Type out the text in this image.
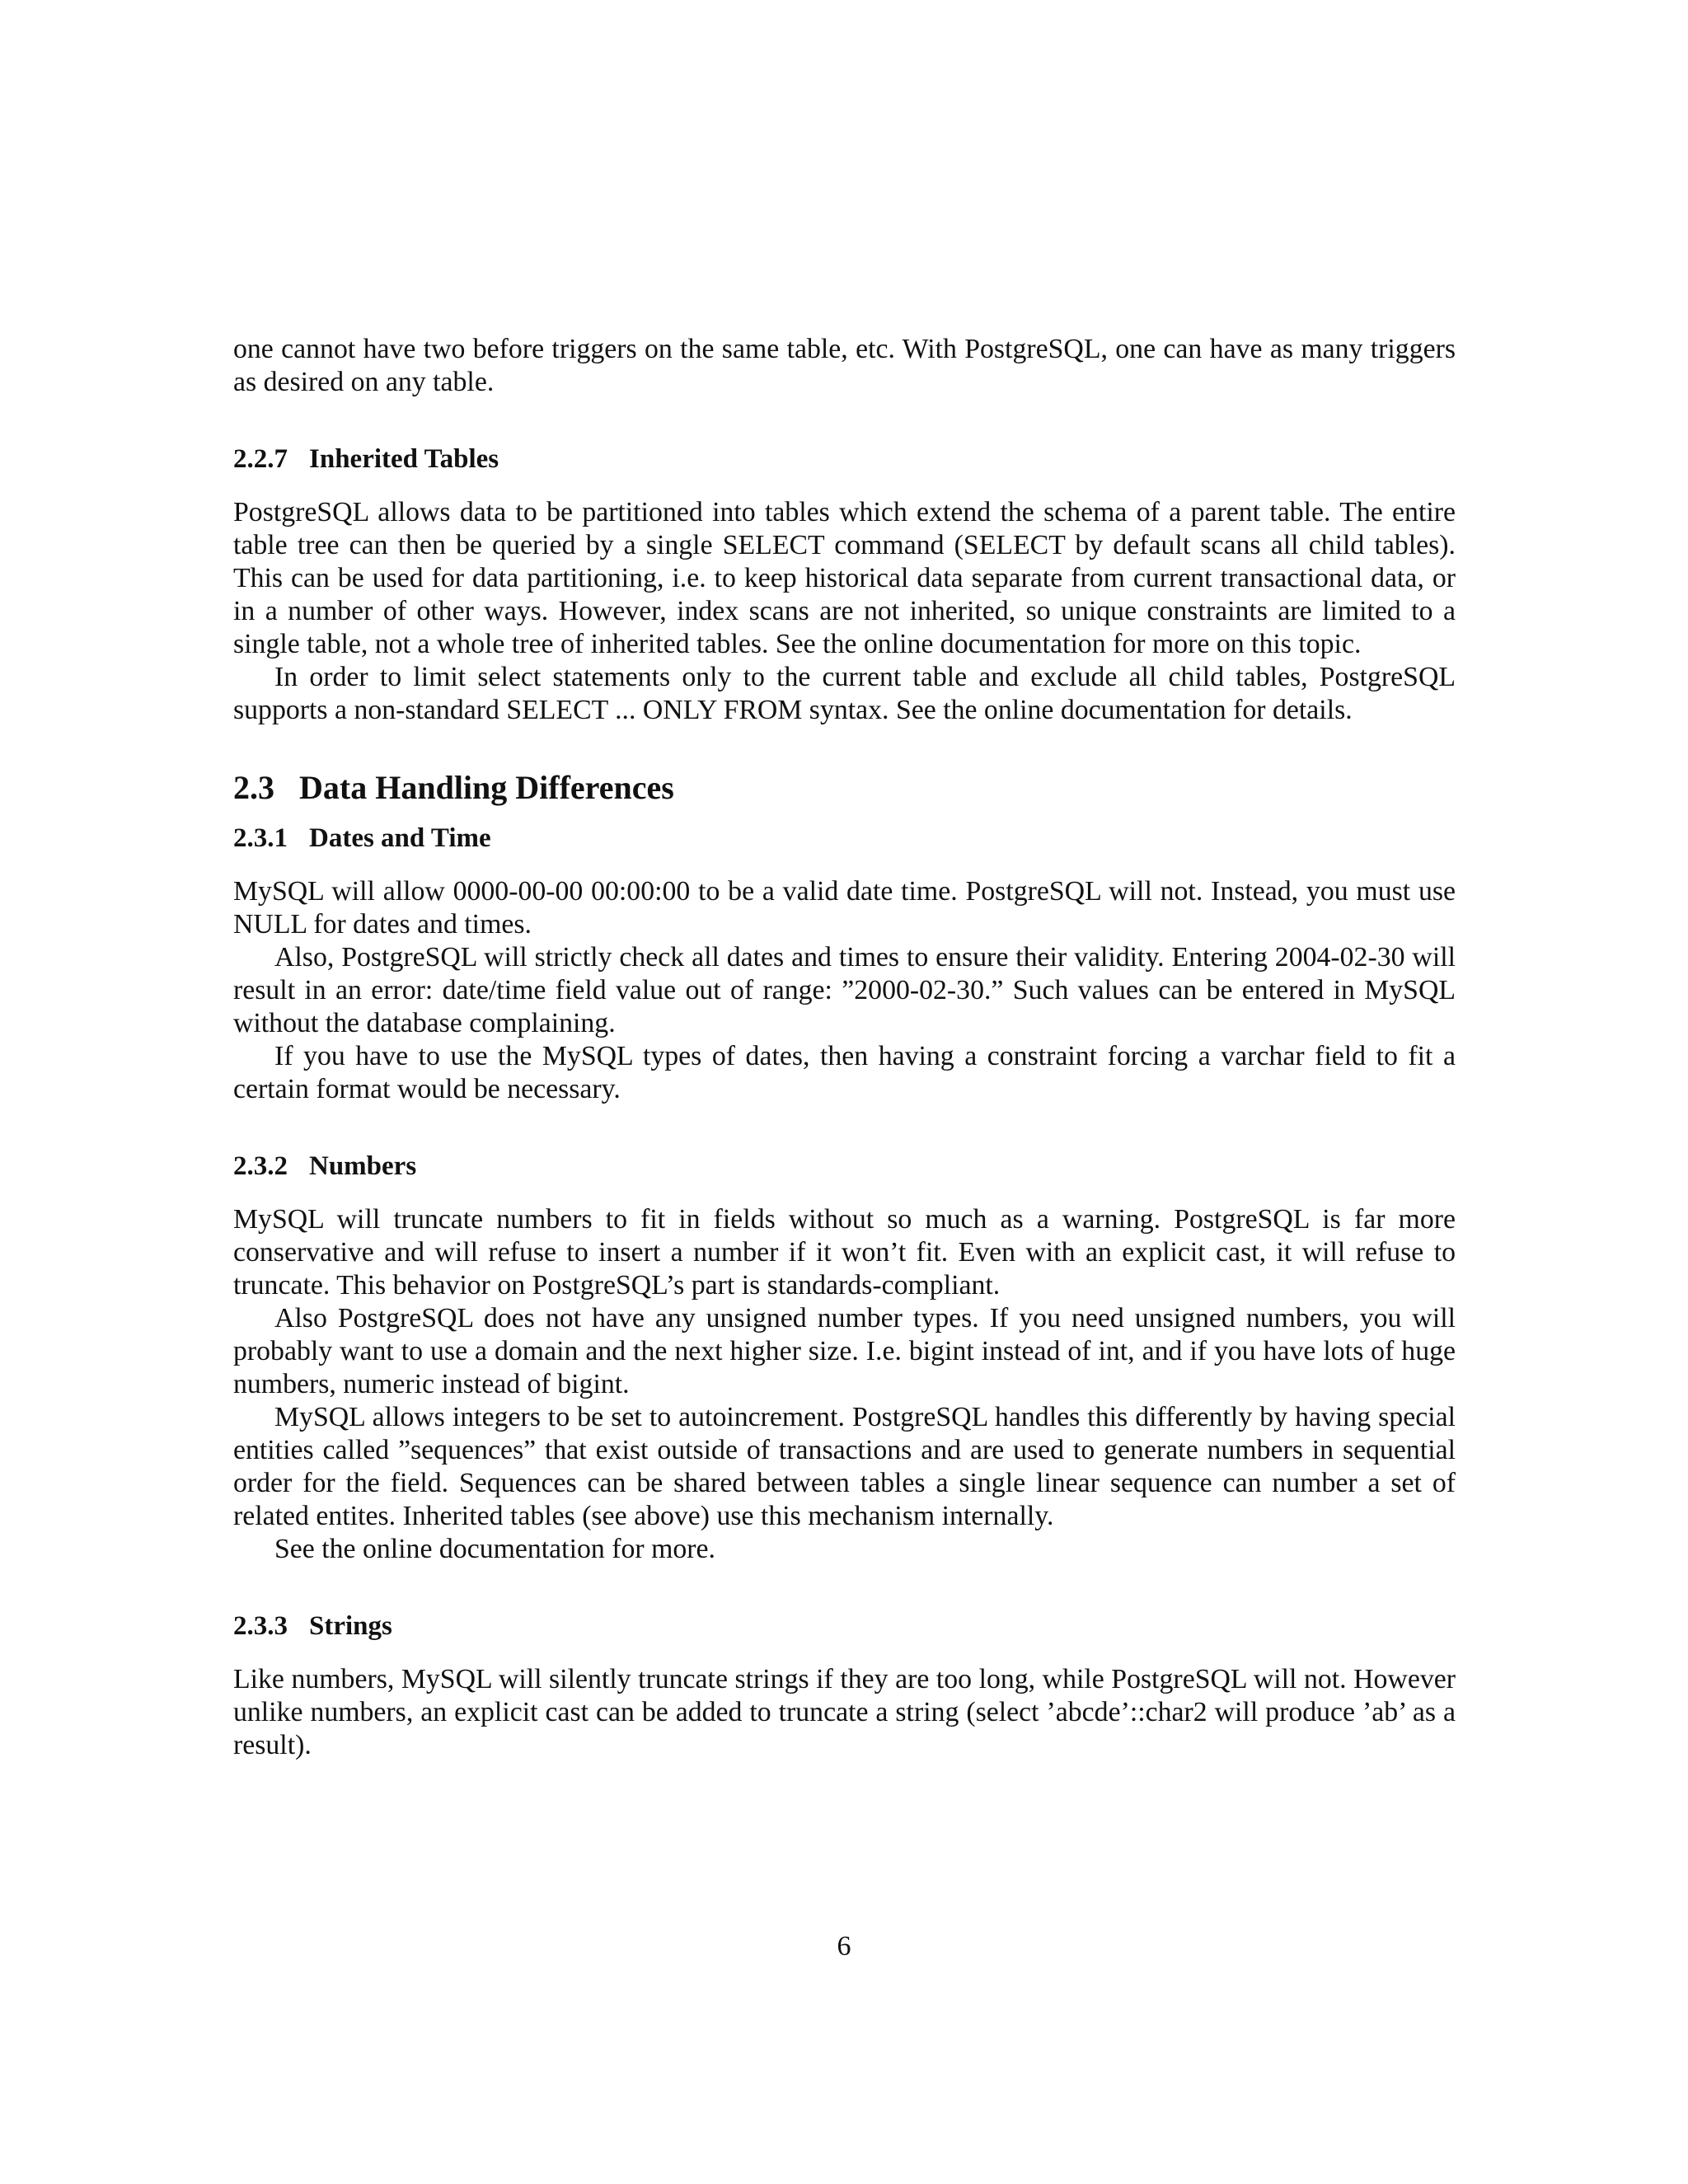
one cannot have two before triggers on the same table, etc. With PostgreSQL, one can have as many triggers as desired on any table.

2.2.7 Inherited Tables

PostgreSQL allows data to be partitioned into tables which extend the schema of a parent table. The entire table tree can then be queried by a single SELECT command (SELECT by default scans all child tables). This can be used for data partitioning, i.e. to keep historical data separate from current transactional data, or in a number of other ways. However, index scans are not inherited, so unique constraints are limited to a single table, not a whole tree of inherited tables. See the online documentation for more on this topic.

In order to limit select statements only to the current table and exclude all child tables, PostgreSQL supports a non-standard SELECT ... ONLY FROM syntax. See the online documentation for details.

2.3 Data Handling Differences
2.3.1 Dates and Time

MySQL will allow 0000-00-00 00:00:00 to be a valid date time. PostgreSQL will not. Instead, you must use NULL for dates and times.

Also, PostgreSQL will strictly check all dates and times to ensure their validity. Entering 2004-02-30 will result in an error: date/time field value out of range: ”2000-02-30.” Such values can be entered in MySQL without the database complaining.

If you have to use the MySQL types of dates, then having a constraint forcing a varchar field to fit a certain format would be necessary.

2.3.2 Numbers

MySQL will truncate numbers to fit in fields without so much as a warning. PostgreSQL is far more conservative and will refuse to insert a number if it won’t fit. Even with an explicit cast, it will refuse to truncate. This behavior on PostgreSQL’s part is standards-compliant.

Also PostgreSQL does not have any unsigned number types. If you need unsigned numbers, you will probably want to use a domain and the next higher size. I.e. bigint instead of int, and if you have lots of huge numbers, numeric instead of bigint.

MySQL allows integers to be set to autoincrement. PostgreSQL handles this differently by having special entities called ”sequences” that exist outside of transactions and are used to generate numbers in sequential order for the field. Sequences can be shared between tables a single linear sequence can number a set of related entites. Inherited tables (see above) use this mechanism internally.

See the online documentation for more.

2.3.3 Strings

Like numbers, MySQL will silently truncate strings if they are too long, while PostgreSQL will not. However unlike numbers, an explicit cast can be added to truncate a string (select ’abcde’::char2 will produce ’ab’ as a result).

6
